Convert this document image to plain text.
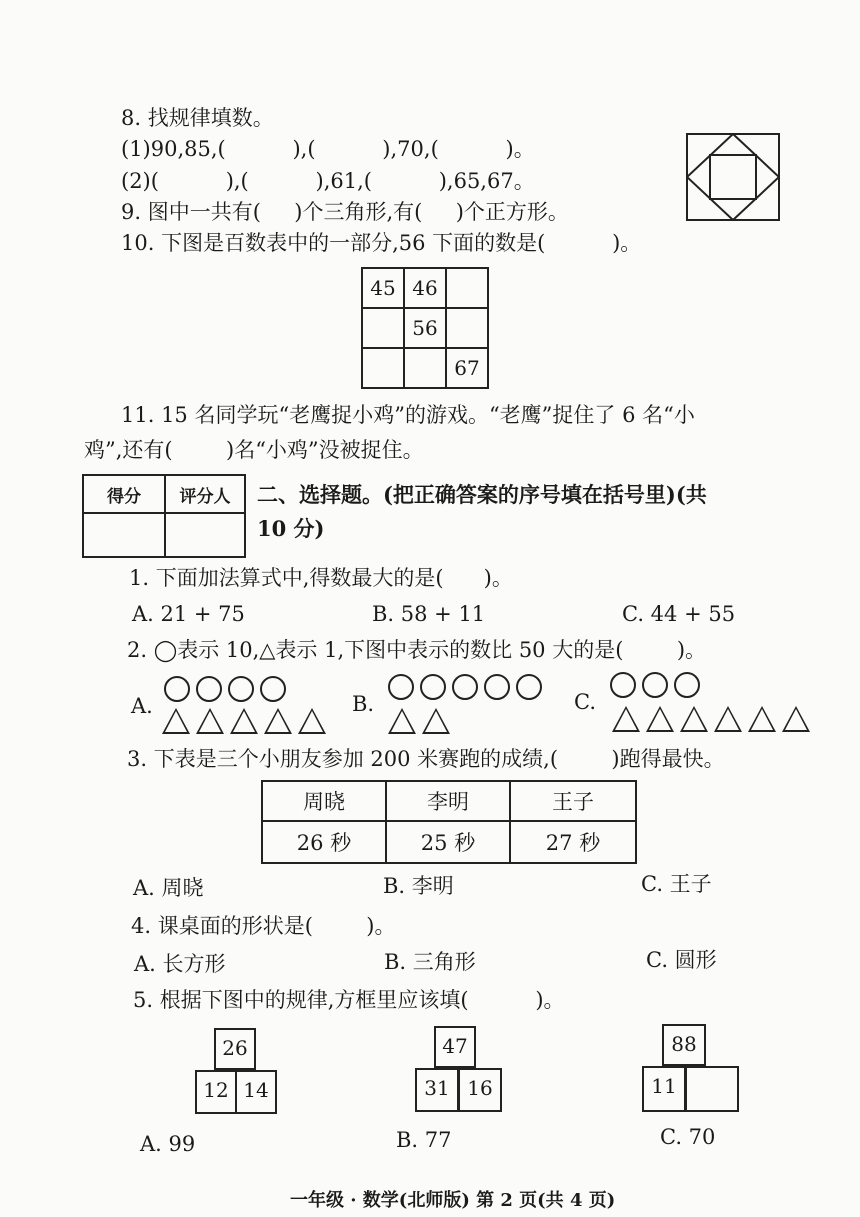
8. 找规律填数。
(1)90,85,(          ),(          ),70,(          )。
(2)(          ),(          ),61,(          ),65,67。
9. 图中一共有(     )个三角形,有(     )个正方形。
10. 下图是百数表中的一部分,56 下面的数是(          )。
45	46	
	56	
		67
11. 15 名同学玩“老鹰捉小鸡”的游戏。“老鹰”捉住了 6 名“小
鸡”,还有(        )名“小鸡”没被捉住。
得分	评分人
	二、选择题。(把正确答案的序号填在括号里)(共
10 分)
1. 下面加法算式中,得数最大的是(      )。
A. 21 + 75	B. 58 + 11	C. 44 + 55
2. ◯表示 10,△表示 1,下图中表示的数比 50 大的是(        )。
A.	B.	C.
3. 下表是三个小朋友参加 200 米赛跑的成绩,(        )跑得最快。
周晓	李明	王子
26 秒	25 秒	27 秒
A. 周晓	B. 李明	C. 王子
4. 课桌面的形状是(        )。
A. 长方形	B. 三角形	C. 圆形
5. 根据下图中的规律,方框里应该填(          )。
26
12 14
47
31 16
88
11
A. 99	B. 77	C. 70
一年级 · 数学(北师版) 第 2 页(共 4 页)
